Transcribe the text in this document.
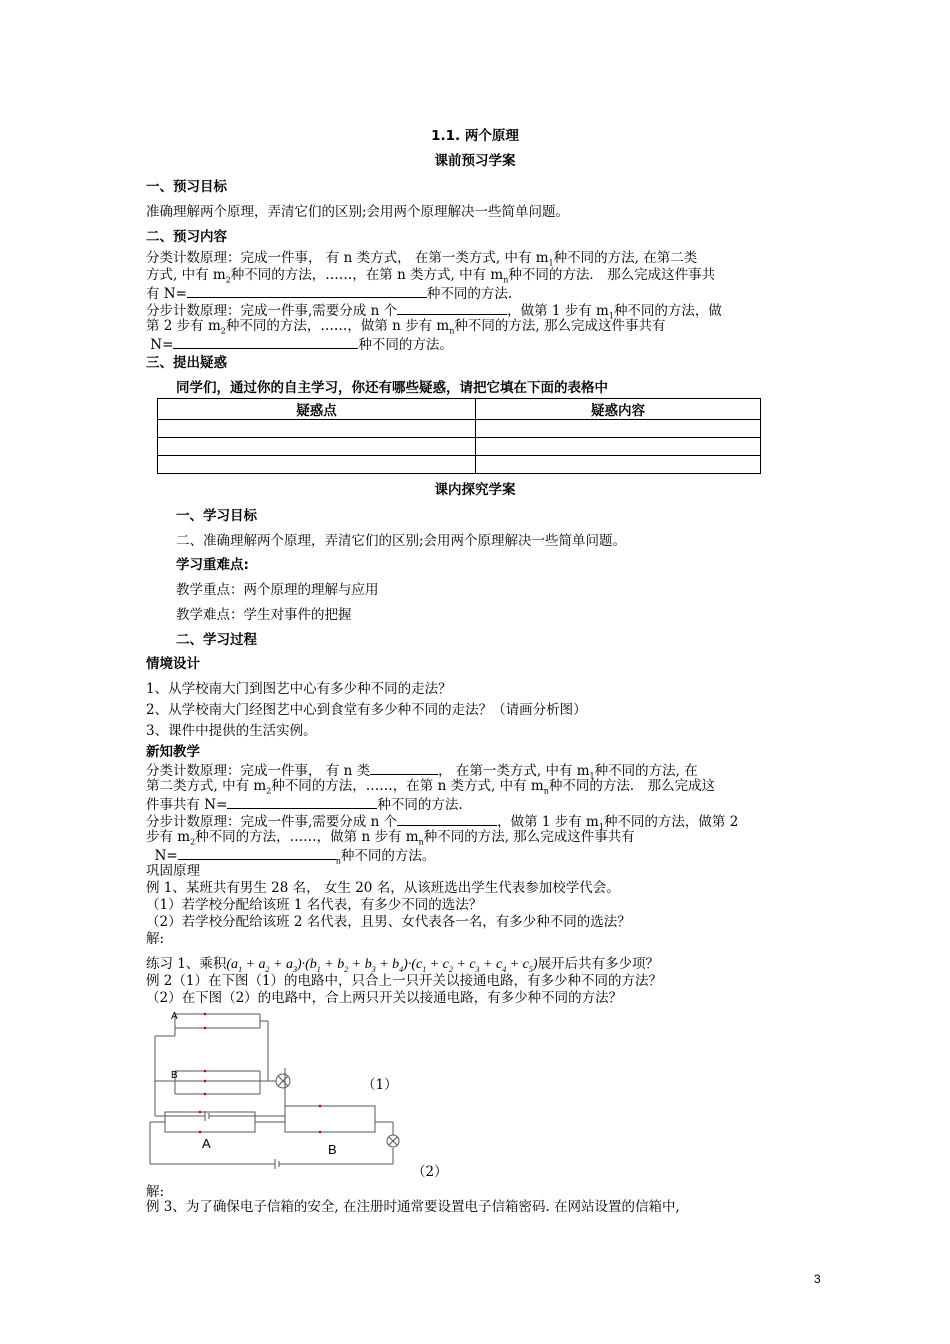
1.1. 两个原理
课前预习学案
一、预习目标
准确理解两个原理，弄清它们的区别;会用两个原理解决一些简单问题。
二、预习内容
分类计数原理：完成一件事， 有 n 类方式， 在第一类方式, 中有 $m_1$种不同的方法, 在第二类
方式, 中有 $m_2$种不同的方法，……，在第 n 类方式, 中有 $m_n$种不同的方法． 那么完成这件事共
有 N=	种不同的方法.
分步计数原理：完成一件事,需要分成 n 个	，做第 1 步有 $m_1$种不同的方法，做
第 2 步有 $m_2$种不同的方法，……，做第 n 步有 $m_n$种不同的方法, 那么完成这件事共有
N=	种不同的方法。
三、提出疑惑
同学们，通过你的自主学习，你还有哪些疑惑，请把它填在下面的表格中
疑惑点	疑惑内容

课内探究学案
一、学习目标
二、准确理解两个原理，弄清它们的区别;会用两个原理解决一些简单问题。
学习重难点:
教学重点：两个原理的理解与应用
教学难点：学生对事件的把握
二、学习过程
情境设计
1、从学校南大门到图艺中心有多少种不同的走法？
2、从学校南大门经图艺中心到食堂有多少种不同的走法？（请画分析图）
3、课件中提供的生活实例。
新知教学
分类计数原理：完成一件事， 有 n 类	， 在第一类方式, 中有 $m_1$种不同的方法, 在
第二类方式, 中有 $m_2$种不同的方法，……，在第 n 类方式, 中有 $m_n$种不同的方法． 那么完成这
件事共有 N=	种不同的方法.
分步计数原理：完成一件事,需要分成 n 个	，做第 1 步有 $m_1$种不同的方法，做第 2
步有 $m_2$种不同的方法，……，做第 n 步有 $m_n$种不同的方法, 那么完成这件事共有
N=	$_n$种不同的方法。
巩固原理
例 1、某班共有男生 28 名， 女生 20 名，从该班选出学生代表参加校学代会。
（1）若学校分配给该班 1 名代表，有多少不同的选法？
（2）若学校分配给该班 2 名代表，且男、女代表各一名，有多少种不同的选法？
解:
练习 1、乘积$(a_1 + a_2 + a_3)\cdot(b_1 + b_2 + b_3 + b_4)\cdot(c_1 + c_2 + c_3 + c_4 + c_5)$展开后共有多少项？
例 2（1）在下图（1）的电路中，只合上一只开关以接通电路，有多少种不同的方法？
（2）在下图（2）的电路中，合上两只开关以接通电路，有多少种不同的方法？
A
B
（1）
A	B
（2）
解:
例 3、为了确保电子信箱的安全, 在注册时通常要设置电子信箱密码. 在网站设置的信箱中,
3
